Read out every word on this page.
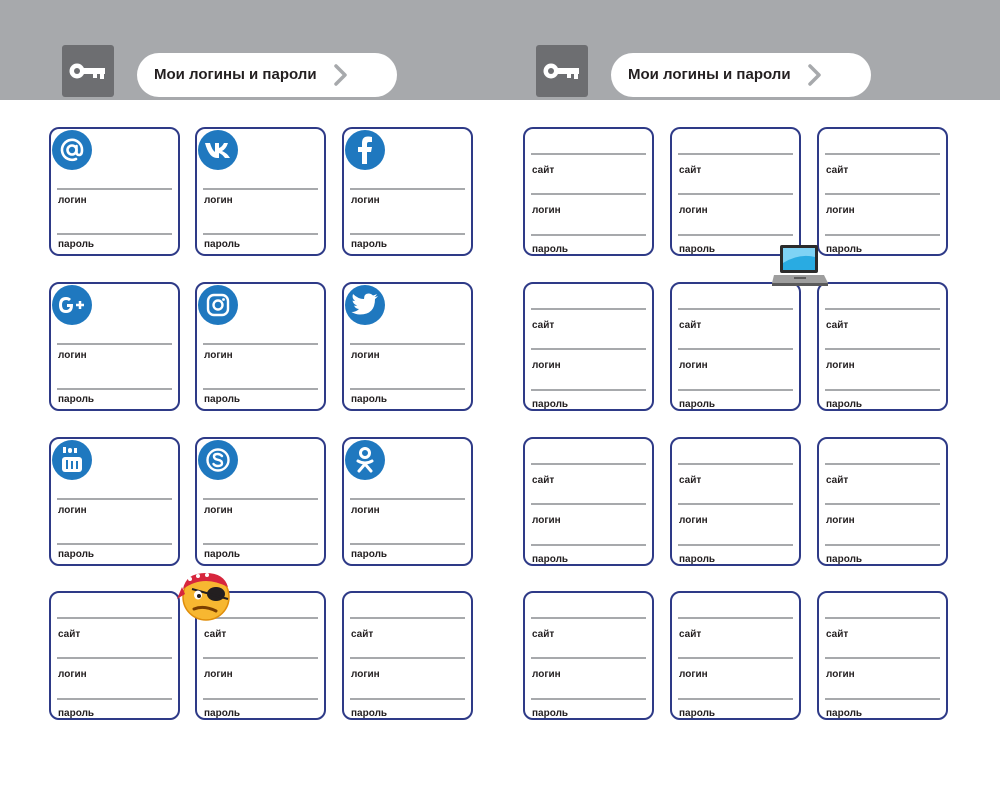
Мои логины и пароли	Мои логины и пароли
логин
пароль
логин
пароль
логин
пароль
логин
пароль
логин
пароль
логин
пароль
логин
пароль
логин
пароль
логин
пароль
сайт
логин
пароль
сайт
логин
пароль
сайт
логин
пароль
сайт
логин
пароль
сайт
логин
пароль
сайт
логин
пароль
сайт
логин
пароль
сайт
логин
пароль
сайт
логин
пароль
сайт
логин
пароль
сайт
логин
пароль
сайт
логин
пароль
сайт
логин
пароль
сайт
логин
пароль
сайт
логин
пароль
